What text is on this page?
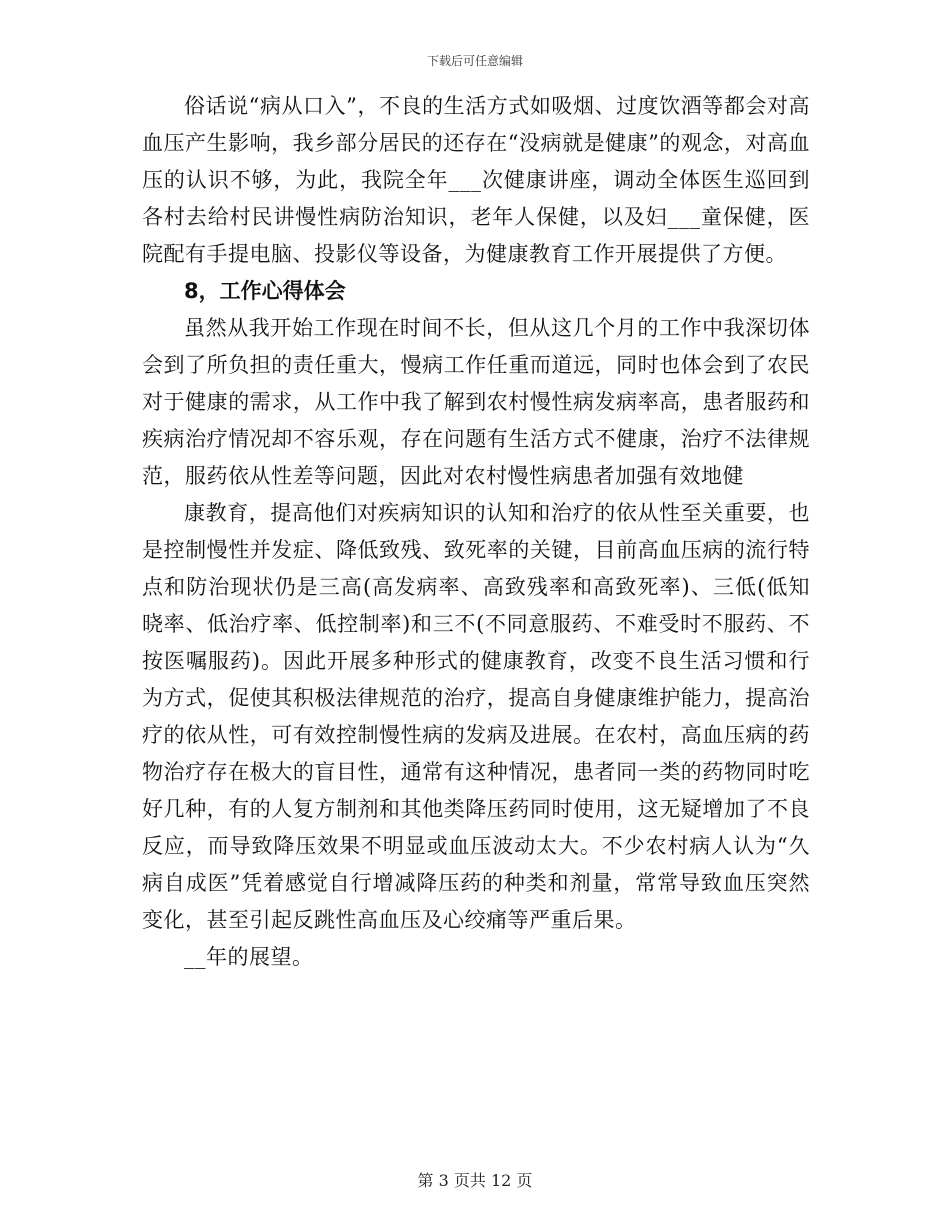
下载后可任意编辑

俗话说“病从口入”，不良的生活方式如吸烟、过度饮酒等都会对高血压产生影响，我乡部分居民的还存在“没病就是健康”的观念，对高血压的认识不够，为此，我院全年___次健康讲座，调动全体医生巡回到各村去给村民讲慢性病防治知识，老年人保健，以及妇___童保健，医院配有手提电脑、投影仪等设备，为健康教育工作开展提供了方便。

8，工作心得体会

虽然从我开始工作现在时间不长，但从这几个月的工作中我深切体会到了所负担的责任重大，慢病工作任重而道远，同时也体会到了农民对于健康的需求，从工作中我了解到农村慢性病发病率高，患者服药和疾病治疗情况却不容乐观，存在问题有生活方式不健康，治疗不法律规范，服药依从性差等问题，因此对农村慢性病患者加强有效地健

康教育，提高他们对疾病知识的认知和治疗的依从性至关重要，也是控制慢性并发症、降低致残、致死率的关键，目前高血压病的流行特点和防治现状仍是三高(高发病率、高致残率和高致死率)、三低(低知晓率、低治疗率、低控制率)和三不(不同意服药、不难受时不服药、不按医嘱服药)。因此开展多种形式的健康教育，改变不良生活习惯和行为方式，促使其积极法律规范的治疗，提高自身健康维护能力，提高治疗的依从性，可有效控制慢性病的发病及进展。在农村，高血压病的药物治疗存在极大的盲目性，通常有这种情况，患者同一类的药物同时吃好几种，有的人复方制剂和其他类降压药同时使用，这无疑增加了不良反应，而导致降压效果不明显或血压波动太大。不少农村病人认为“久病自成医”凭着感觉自行增减降压药的种类和剂量，常常导致血压突然变化，甚至引起反跳性高血压及心绞痛等严重后果。

__年的展望。

第 3 页共 12 页
